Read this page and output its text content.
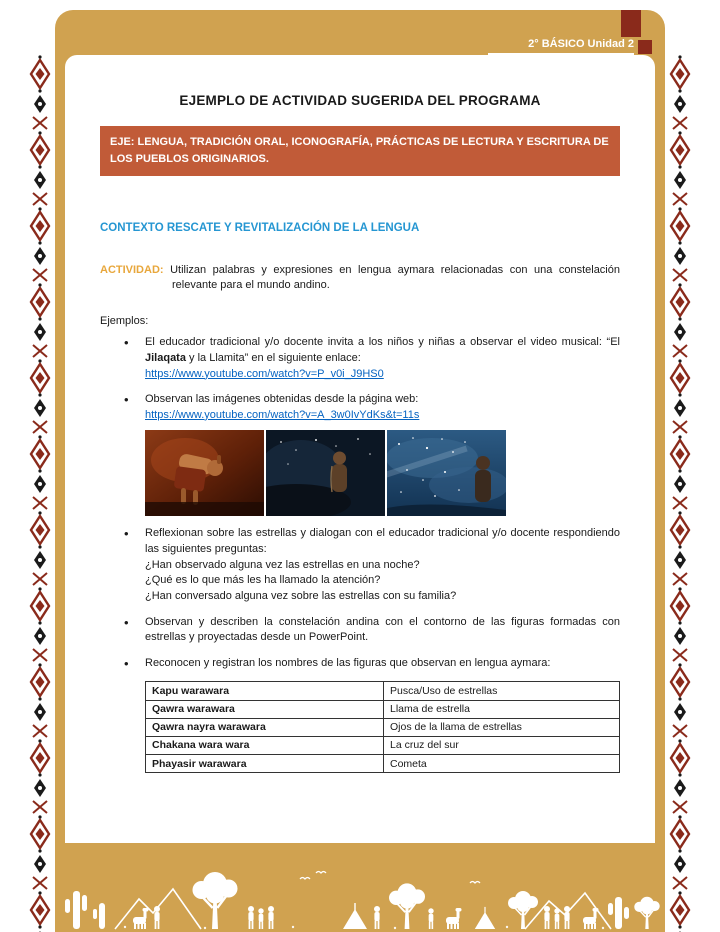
2° BÁSICO Unidad 2
EJEMPLO DE ACTIVIDAD SUGERIDA DEL PROGRAMA
EJE: LENGUA, TRADICIÓN ORAL, ICONOGRAFÍA, PRÁCTICAS DE LECTURA Y ESCRITURA DE LOS PUEBLOS ORIGINARIOS.
CONTEXTO RESCATE Y REVITALIZACIÓN DE LA LENGUA

ACTIVIDAD: Utilizan palabras y expresiones en lengua aymara relacionadas con una constelación relevante para el mundo andino.

Ejemplos:

• El educador tradicional y/o docente invita a los niños y niñas a observar el video musical: “El Jilaqata y la Llamita” en el siguiente enlace:
https://www.youtube.com/watch?v=P_v0i_J9HS0
• Observan las imágenes obtenidas desde la página web:
https://www.youtube.com/watch?v=A_3w0IvYdKs&t=11s
• Reflexionan sobre las estrellas y dialogan con el educador tradicional y/o docente respondiendo las siguientes preguntas:
¿Han observado alguna vez las estrellas en una noche?
¿Qué es lo que más les ha llamado la atención?
¿Han conversado alguna vez sobre las estrellas con su familia?
• Observan y describen la constelación andina con el contorno de las figuras formadas con estrellas y proyectadas desde un PowerPoint.
• Reconocen y registran los nombres de las figuras que observan en lengua aymara:
Kapu warawara	Pusca/Uso de estrellas
Qawra warawara	Llama de estrella
Qawra nayra warawara	Ojos de la llama de estrellas
Chakana wara wara	La cruz del sur
Phayasir warawara	Cometa
